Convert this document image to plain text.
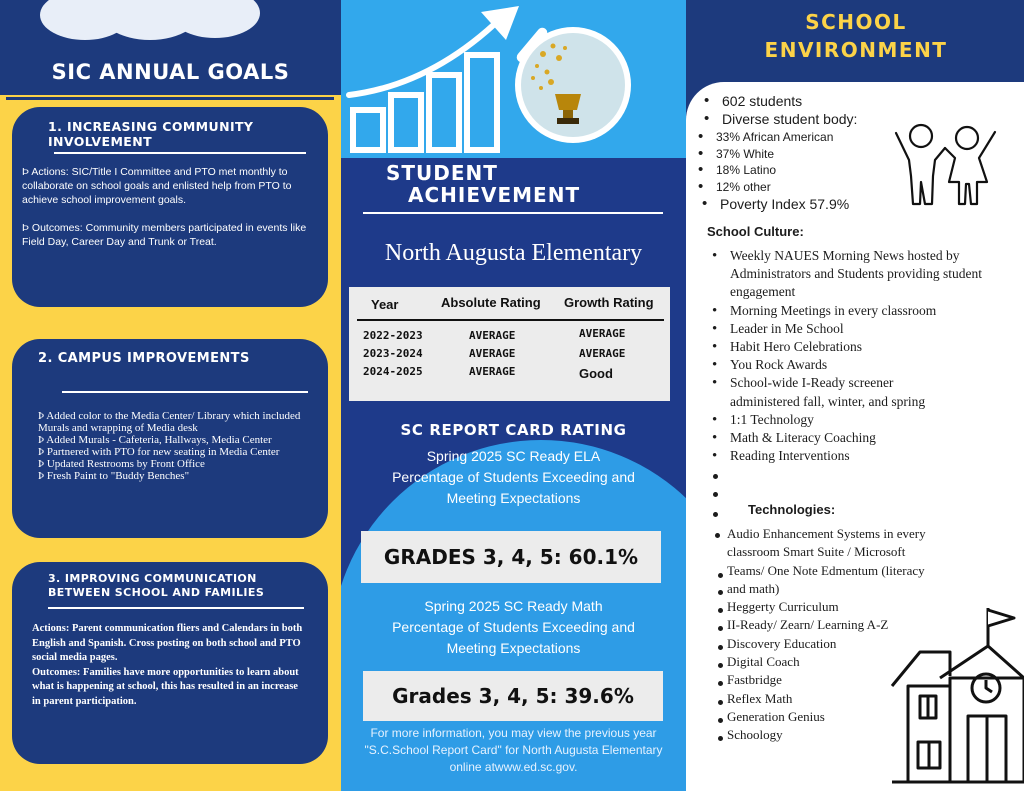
SIC ANNUAL GOALS
1. INCREASING COMMUNITY INVOLVEMENT

Þ Actions: SIC/Title I Committee and PTO met monthly to collaborate on school goals and enlisted help from PTO to achieve school improvement goals.

Þ Outcomes: Community members participated in events like Field Day, Career Day and Trunk or Treat.

2. CAMPUS IMPROVEMENTS

Þ Added color to the Media Center/ Library which included Murals and wrapping of Media desk

Þ Added Murals - Cafeteria, Hallways, Media Center

Þ Partnered with PTO for new seating in Media Center

Þ Updated Restrooms by Front Office

Þ Fresh Paint to "Buddy Benches"

3. IMPROVING COMMUNICATION BETWEEN SCHOOL AND FAMILIES

Actions: Parent communication fliers and Calendars in both English and Spanish. Cross posting on both school and PTO social media pages.

Outcomes: Families have more opportunities to learn about what is happening at school, this has resulted in an increase in parent participation.

STUDENT
ACHIEVEMENT
North Augusta Elementary
Year	Absolute Rating Growth Rating
2022-2023
2023-2024
2024-2025
AVERAGE
AVERAGE
AVERAGE
AVERAGE
AVERAGE
Good
SC REPORT CARD RATING
Spring 2025 SC Ready ELA
Percentage of Students Exceeding and
Meeting Expectations
GRADES 3, 4, 5: 60.1%
Spring 2025 SC Ready Math
Percentage of Students Exceeding and
Meeting Expectations
Grades 3, 4, 5: 39.6%
For more information, you may view the previous year
"S.C.School Report Card" for North Augusta Elementary
online atwww.ed.sc.gov.
SCHOOL
ENVIRONMENT
• 602 students
• Diverse student body:
• 33% African American
• 37% White
• 18% Latino
• 12% other
• Poverty Index 57.9%
School Culture:
• Weekly NAUES Morning News hosted by Administrators and Students providing student engagement
• Morning Meetings in every classroom
• Leader in Me School
• Habit Hero Celebrations
• You Rock Awards
• School-wide I-Ready screener administered fall, winter, and spring
• 1:1 Technology
• Math & Literacy Coaching
• Reading Interventions
Technologies:
Audio Enhancement Systems in every
classroom Smart Suite / Microsoft
Teams/ One Note Edmentum (literacy
and math)
Heggerty Curriculum
II-Ready/ Zearn/ Learning A-Z
Discovery Education
Digital Coach
Fastbridge
Reflex Math
Generation Genius
Schoology
